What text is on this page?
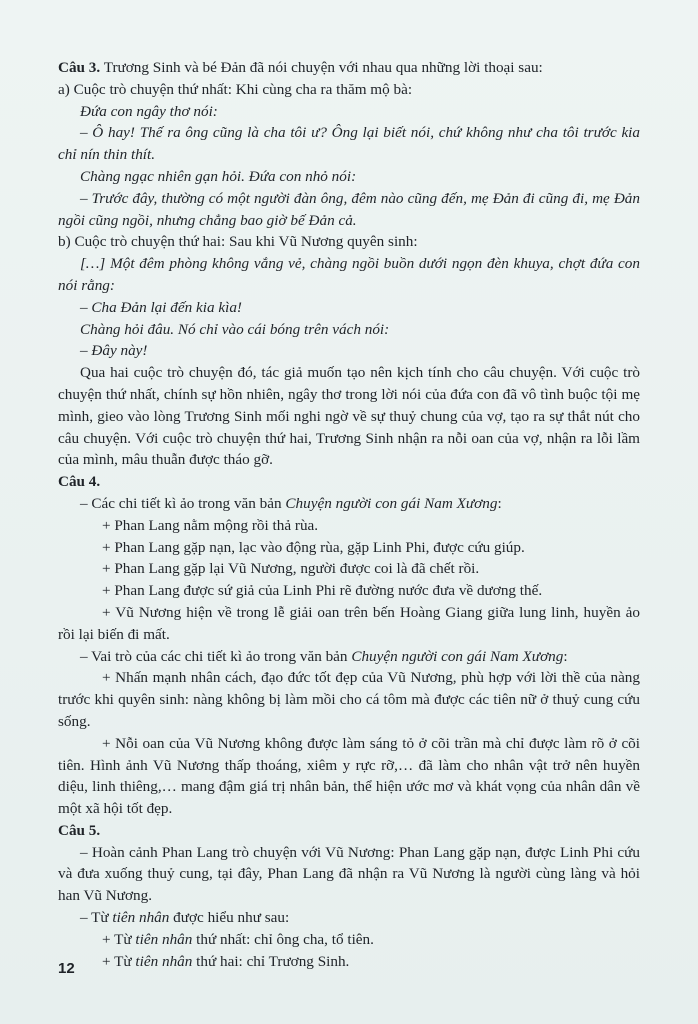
Câu 3. Trương Sinh và bé Đản đã nói chuyện với nhau qua những lời thoại sau:

a) Cuộc trò chuyện thứ nhất: Khi cùng cha ra thăm mộ bà:

Đứa con ngây thơ nói:

– Ô hay! Thế ra ông cũng là cha tôi ư? Ông lại biết nói, chứ không như cha tôi trước kia chỉ nín thin thít.

Chàng ngạc nhiên gạn hỏi. Đứa con nhỏ nói:

– Trước đây, thường có một người đàn ông, đêm nào cũng đến, mẹ Đản đi cũng đi, mẹ Đản ngồi cũng ngồi, nhưng chẳng bao giờ bế Đản cả.

b) Cuộc trò chuyện thứ hai: Sau khi Vũ Nương quyên sinh:

[…] Một đêm phòng không vắng vẻ, chàng ngồi buồn dưới ngọn đèn khuya, chợt đứa con nói rằng:

– Cha Đản lại đến kia kìa!

Chàng hỏi đâu. Nó chỉ vào cái bóng trên vách nói:

– Đây này!

Qua hai cuộc trò chuyện đó, tác giả muốn tạo nên kịch tính cho câu chuyện. Với cuộc trò chuyện thứ nhất, chính sự hồn nhiên, ngây thơ trong lời nói của đứa con đã vô tình buộc tội mẹ mình, gieo vào lòng Trương Sinh mối nghi ngờ về sự thuỷ chung của vợ, tạo ra sự thắt nút cho câu chuyện. Với cuộc trò chuyện thứ hai, Trương Sinh nhận ra nỗi oan của vợ, nhận ra lỗi lầm của mình, mâu thuẫn được tháo gỡ.

Câu 4.

– Các chi tiết kì ảo trong văn bản Chuyện người con gái Nam Xương:

+ Phan Lang nằm mộng rồi thả rùa.

+ Phan Lang gặp nạn, lạc vào động rùa, gặp Linh Phi, được cứu giúp.

+ Phan Lang gặp lại Vũ Nương, người được coi là đã chết rồi.

+ Phan Lang được sứ giả của Linh Phi rẽ đường nước đưa về dương thế.

+ Vũ Nương hiện về trong lễ giải oan trên bến Hoàng Giang giữa lung linh, huyền ảo rồi lại biến đi mất.

– Vai trò của các chi tiết kì ảo trong văn bản Chuyện người con gái Nam Xương:

+ Nhấn mạnh nhân cách, đạo đức tốt đẹp của Vũ Nương, phù hợp với lời thề của nàng trước khi quyên sinh: nàng không bị làm mồi cho cá tôm mà được các tiên nữ ở thuỷ cung cứu sống.

+ Nỗi oan của Vũ Nương không được làm sáng tỏ ở cõi trần mà chỉ được làm rõ ở cõi tiên. Hình ảnh Vũ Nương thấp thoáng, xiêm y rực rỡ,… đã làm cho nhân vật trở nên huyền diệu, linh thiêng,… mang đậm giá trị nhân bản, thể hiện ước mơ và khát vọng của nhân dân về một xã hội tốt đẹp.

Câu 5.

– Hoàn cảnh Phan Lang trò chuyện với Vũ Nương: Phan Lang gặp nạn, được Linh Phi cứu và đưa xuống thuỷ cung, tại đây, Phan Lang đã nhận ra Vũ Nương là người cùng làng và hỏi han Vũ Nương.

– Từ tiên nhân được hiểu như sau:

+ Từ tiên nhân thứ nhất: chỉ ông cha, tổ tiên.

+ Từ tiên nhân thứ hai: chỉ Trương Sinh.

12
